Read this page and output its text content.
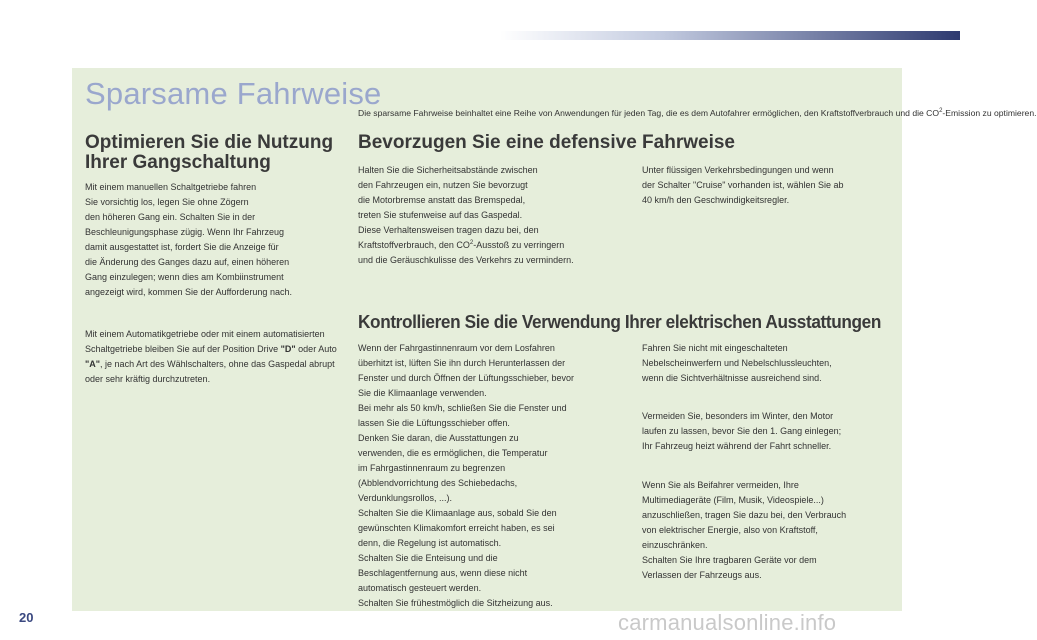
Sparsame Fahrweise

Die sparsame Fahrweise beinhaltet eine Reihe von Anwendungen für jeden Tag, die es dem Autofahrer ermöglichen, den Kraftstoffverbrauch und die $CO^2$-Emission zu optimieren.

Optimieren Sie die Nutzung Ihrer Gangschaltung

Mit einem manuellen Schaltgetriebe fahren
Sie vorsichtig los, legen Sie ohne Zögern
den höheren Gang ein. Schalten Sie in der
Beschleunigungsphase zügig. Wenn Ihr Fahrzeug
damit ausgestattet ist, fordert Sie die Anzeige für
die Änderung des Ganges dazu auf, einen höheren
Gang einzulegen; wenn dies am Kombiinstrument
angezeigt wird, kommen Sie der Aufforderung nach.

Mit einem Automatikgetriebe oder mit einem automatisierten Schaltgetriebe bleiben Sie auf der Position Drive "D" oder Auto "A", je nach Art des Wählschalters, ohne das Gaspedal abrupt oder sehr kräftig durchzutreten.

Bevorzugen Sie eine defensive Fahrweise

Halten Sie die Sicherheitsabstände zwischen
den Fahrzeugen ein, nutzen Sie bevorzugt
die Motorbremse anstatt das Bremspedal,
treten Sie stufenweise auf das Gaspedal.
Diese Verhaltensweisen tragen dazu bei, den
Kraftstoffverbrauch, den $CO^2$-Ausstoß zu verringern
und die Geräuschkulisse des Verkehrs zu vermindern.

Unter flüssigen Verkehrsbedingungen und wenn
der Schalter "Cruise" vorhanden ist, wählen Sie ab
40 km/h den Geschwindigkeitsregler.

Kontrollieren Sie die Verwendung Ihrer elektrischen Ausstattungen

Wenn der Fahrgastinnenraum vor dem Losfahren
überhitzt ist, lüften Sie ihn durch Herunterlassen der
Fenster und durch Öffnen der Lüftungsschieber, bevor
Sie die Klimaanlage verwenden.
Bei mehr als 50 km/h, schließen Sie die Fenster und
lassen Sie die Lüftungsschieber offen.
Denken Sie daran, die Ausstattungen zu
verwenden, die es ermöglichen, die Temperatur
im Fahrgastinnenraum zu begrenzen
(Abblendvorrichtung des Schiebedachs,
Verdunklungsrollos, ...).
Schalten Sie die Klimaanlage aus, sobald Sie den
gewünschten Klimakomfort erreicht haben, es sei
denn, die Regelung ist automatisch.
Schalten Sie die Enteisung und die
Beschlagentfernung aus, wenn diese nicht
automatisch gesteuert werden.
Schalten Sie frühestmöglich die Sitzheizung aus.

Fahren Sie nicht mit eingeschalteten
Nebelscheinwerfern und Nebelschlussleuchten,
wenn die Sichtverhältnisse ausreichend sind.

Vermeiden Sie, besonders im Winter, den Motor
laufen zu lassen, bevor Sie den 1. Gang einlegen;
Ihr Fahrzeug heizt während der Fahrt schneller.

Wenn Sie als Beifahrer vermeiden, Ihre
Multimediageräte (Film, Musik, Videospiele...)
anzuschließen, tragen Sie dazu bei, den Verbrauch
von elektrischer Energie, also von Kraftstoff,
einzuschränken.
Schalten Sie Ihre tragbaren Geräte vor dem
Verlassen der Fahrzeugs aus.

20	carmanualsonline.info
